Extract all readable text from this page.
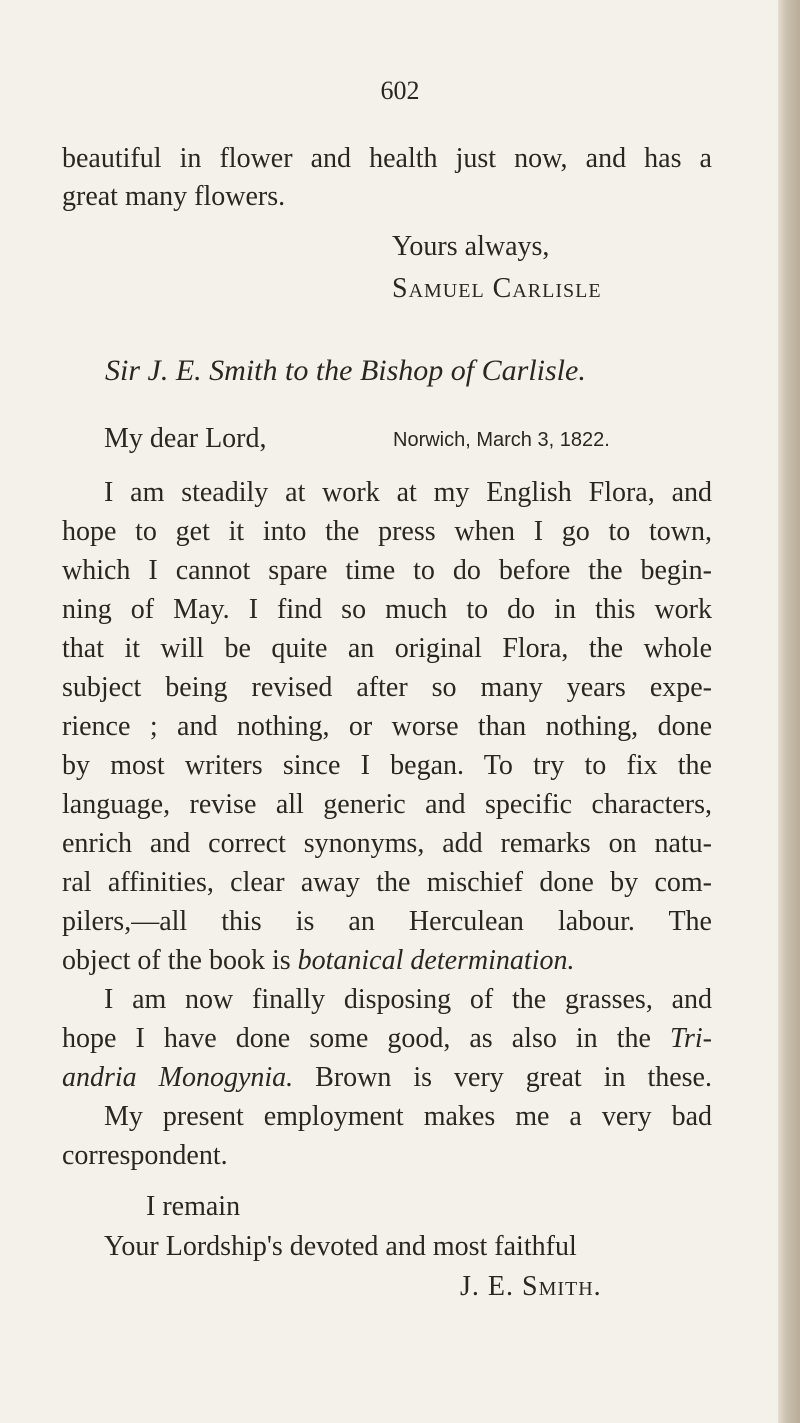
602
beautiful in flower and health just now, and has a
great many flowers.
Yours always,
Samuel Carlisle
Sir J. E. Smith to the Bishop of Carlisle.
My dear Lord,	Norwich, March 3, 1822.
I am steadily at work at my English Flora, and
hope to get it into the press when I go to town,
which I cannot spare time to do before the begin-
ning of May. I find so much to do in this work
that it will be quite an original Flora, the whole
subject being revised after so many years expe-
rience ; and nothing, or worse than nothing, done
by most writers since I began. To try to fix the
language, revise all generic and specific characters,
enrich and correct synonyms, add remarks on natu-
ral affinities, clear away the mischief done by com-
pilers,—all this is an Herculean labour. The
object of the book is botanical determination.
I am now finally disposing of the grasses, and
hope I have done some good, as also in the Tri-
andria Monogynia. Brown is very great in these.
My present employment makes me a very bad
correspondent.
I remain
Your Lordship's devoted and most faithful
J. E. Smith.
